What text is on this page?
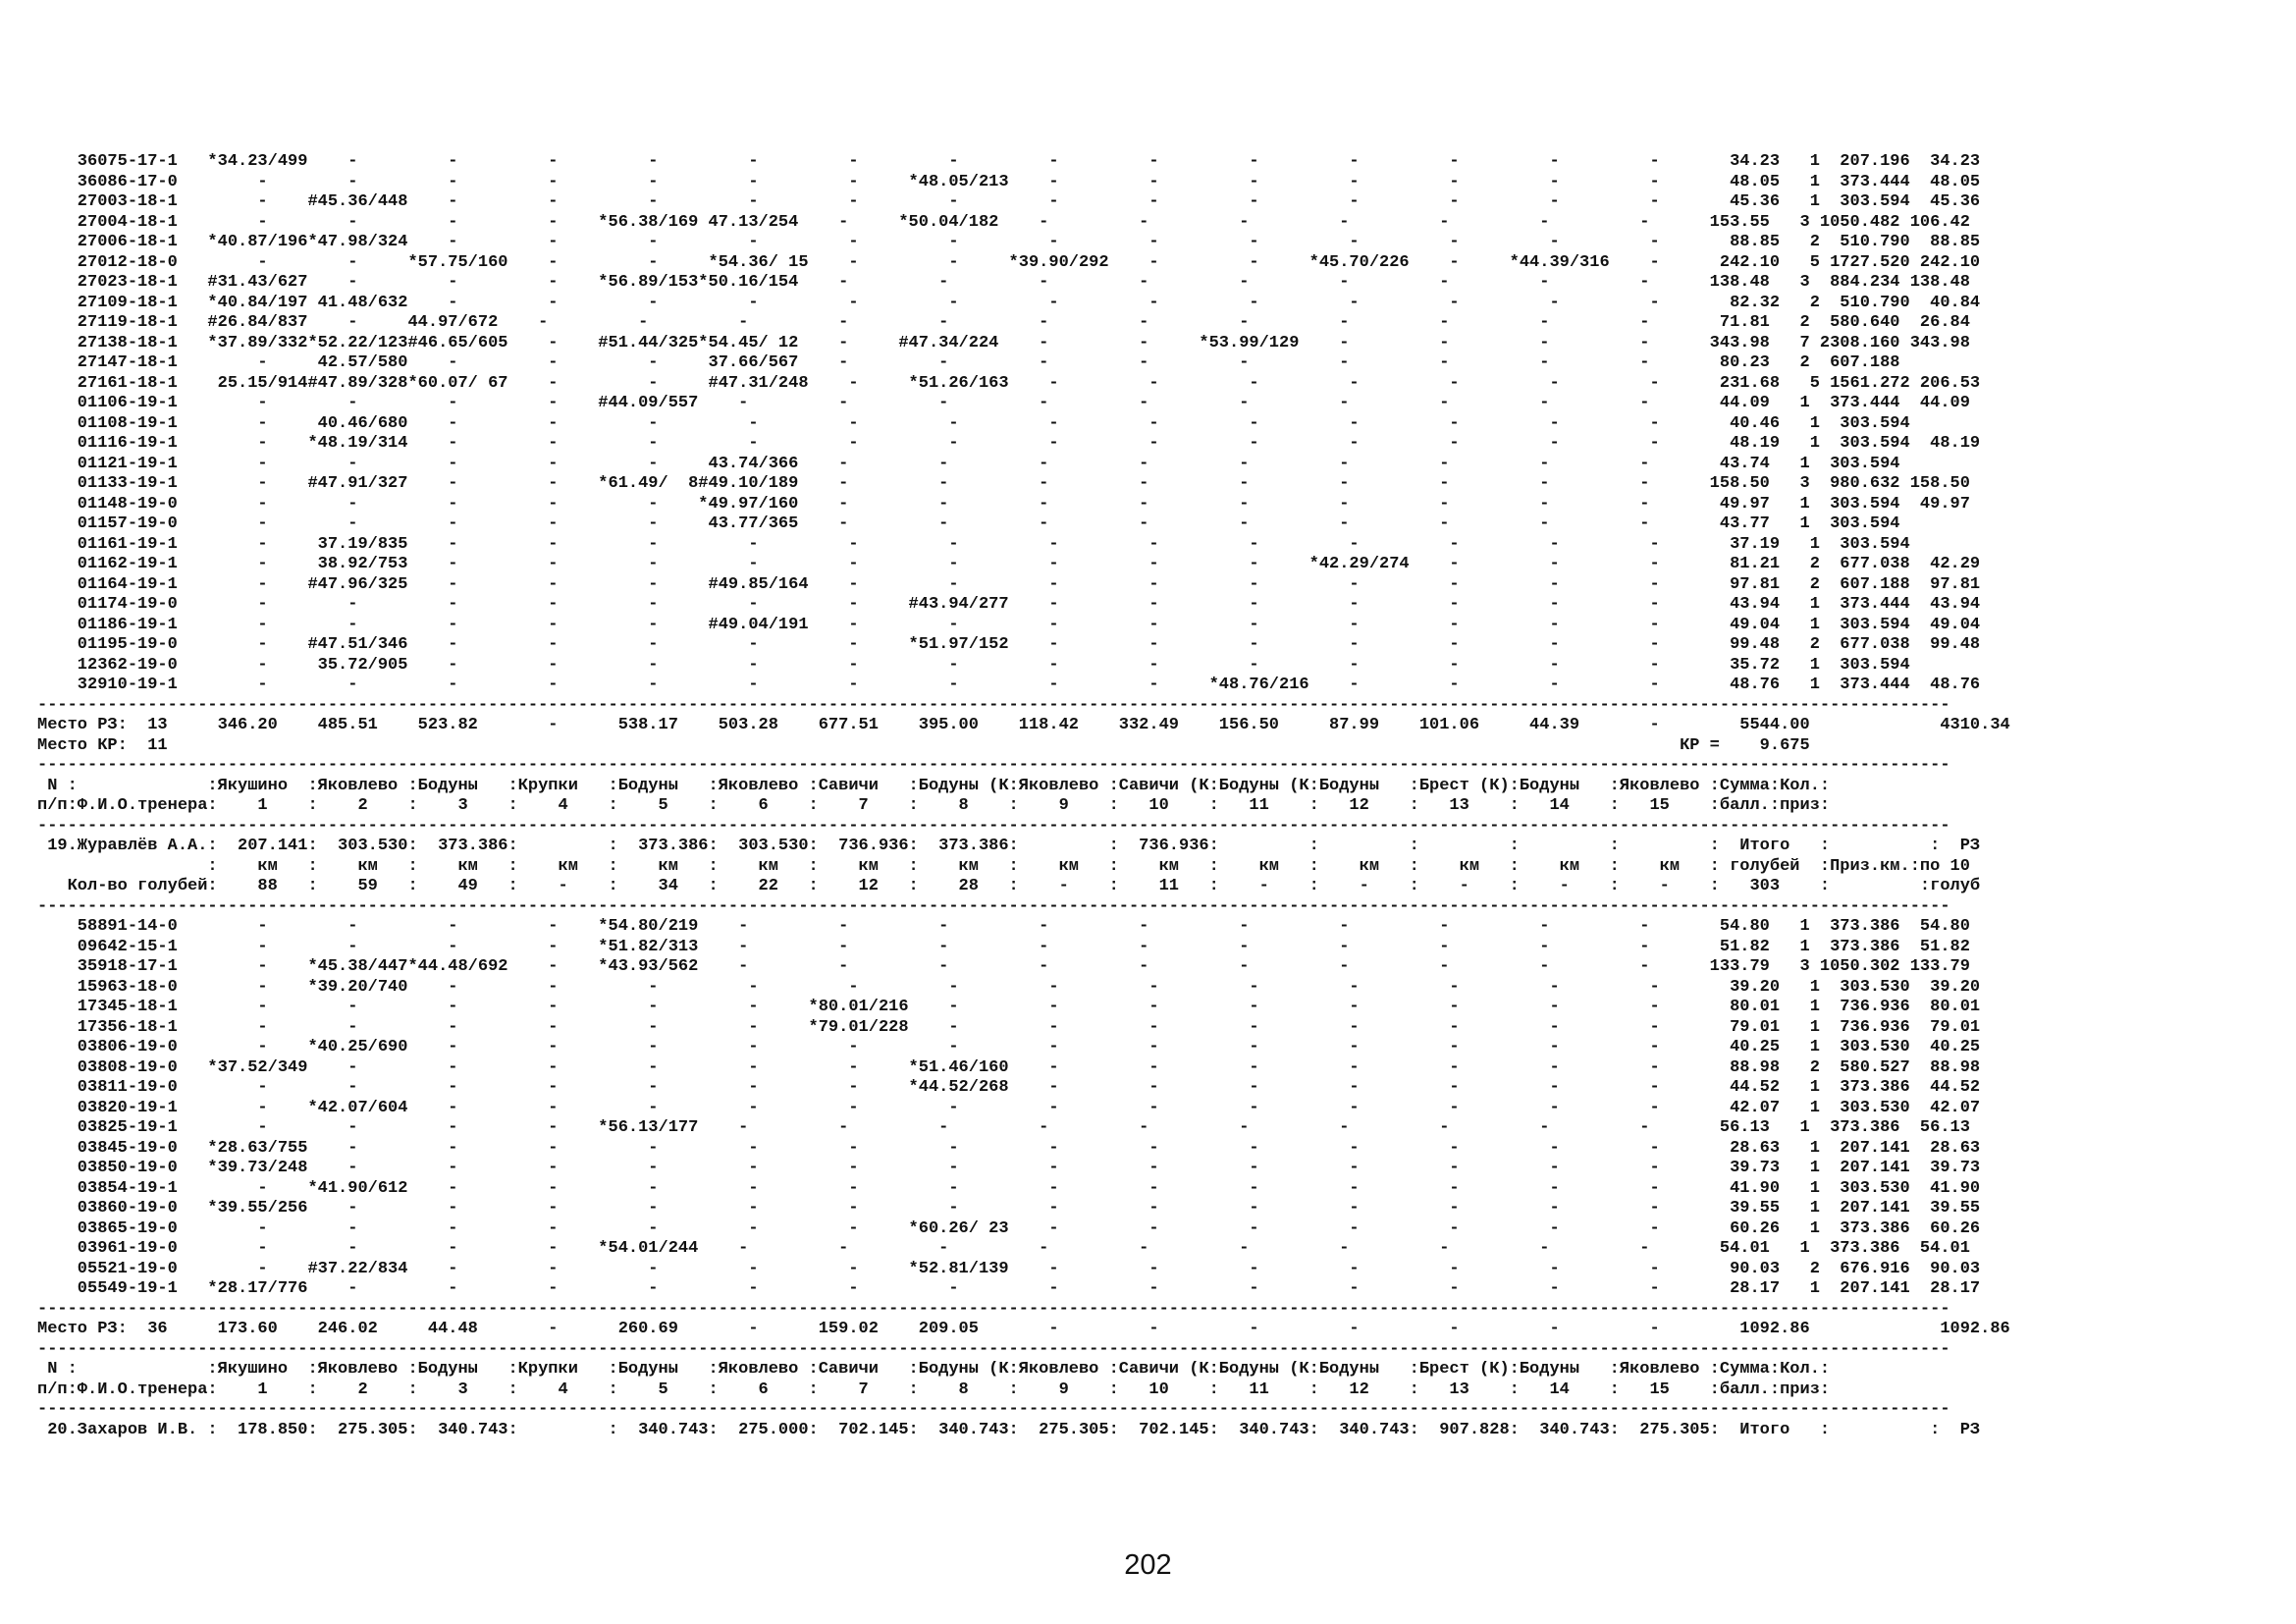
36075-17-1   *34.23/499    -         -         -         -         -         -         -         -         -         -         -         -         -         -       34.23   1  207.196  34.23
36086-17-0        -        -         -         -         -         -         -     *48.05/213    -         -         -         -         -         -         -       48.05   1  373.444  48.05
27003-18-1        -    #45.36/448    -         -         -         -         -         -         -         -         -         -         -         -         -       45.36   1  303.594  45.36
27004-18-1        -        -         -         -    *56.38/169 47.13/254    -     *50.04/182    -         -         -         -         -         -         -      153.55   3 1050.482 106.42
27006-18-1   *40.87/196*47.98/324    -         -         -         -         -         -         -         -         -         -         -         -         -       88.85   2  510.790  88.85
27012-18-0        -        -     *57.75/160    -         -     *54.36/ 15    -         -     *39.90/292    -         -     *45.70/226    -     *44.39/316    -      242.10   5 1727.520 242.10
27023-18-1   #31.43/627    -         -         -    *56.89/153*50.16/154    -         -         -         -         -         -         -         -         -      138.48   3  884.234 138.48
27109-18-1   *40.84/197 41.48/632    -         -         -         -         -         -         -         -         -         -         -         -         -       82.32   2  510.790  40.84
27119-18-1   #26.84/837    -     44.97/672    -         -         -         -         -         -         -         -         -         -         -         -       71.81   2  580.640  26.84
27138-18-1   *37.89/332*52.22/123#46.65/605    -    #51.44/325*54.45/ 12    -     #47.34/224    -         -     *53.99/129    -         -         -         -      343.98   7 2308.160 343.98
27147-18-1        -     42.57/580    -         -         -     37.66/567    -         -         -         -         -         -         -         -         -       80.23   2  607.188
27161-18-1    25.15/914#47.89/328*60.07/ 67    -         -     #47.31/248    -     *51.26/163    -         -         -         -         -         -         -      231.68   5 1561.272 206.53
01106-19-1        -        -         -         -    #44.09/557    -         -         -         -         -         -         -         -         -         -       44.09   1  373.444  44.09
01108-19-1        -     40.46/680    -         -         -         -         -         -         -         -         -         -         -         -         -       40.46   1  303.594
01116-19-1        -    *48.19/314    -         -         -         -         -         -         -         -         -         -         -         -         -       48.19   1  303.594  48.19
01121-19-1        -        -         -         -         -     43.74/366    -         -         -         -         -         -         -         -         -       43.74   1  303.594
01133-19-1        -    #47.91/327    -         -    *61.49/  8#49.10/189    -         -         -         -         -         -         -         -         -      158.50   3  980.632 158.50
01148-19-0        -        -         -         -         -    *49.97/160    -         -         -         -         -         -         -         -         -       49.97   1  303.594  49.97
01157-19-0        -        -         -         -         -     43.77/365    -         -         -         -         -         -         -         -         -       43.77   1  303.594
01161-19-1        -     37.19/835    -         -         -         -         -         -         -         -         -         -         -         -         -       37.19   1  303.594
01162-19-1        -     38.92/753    -         -         -         -         -         -         -         -         -     *42.29/274    -         -         -       81.21   2  677.038  42.29
01164-19-1        -    #47.96/325    -         -         -     #49.85/164    -         -         -         -         -         -         -         -         -       97.81   2  607.188  97.81
01174-19-0        -        -         -         -         -         -         -     #43.94/277    -         -         -         -         -         -         -       43.94   1  373.444  43.94
01186-19-1        -        -         -         -         -     #49.04/191    -         -         -         -         -         -         -         -         -       49.04   1  303.594  49.04
01195-19-0        -    #47.51/346    -         -         -         -         -     *51.97/152    -         -         -         -         -         -         -       99.48   2  677.038  99.48
12362-19-0        -     35.72/905    -         -         -         -         -         -         -         -         -         -         -         -         -       35.72   1  303.594
32910-19-1        -        -         -         -         -         -         -         -         -         -     *48.76/216    -         -         -         -       48.76   1  373.444  48.76
-----------------------------------------------------------------------------------------------------------------------------------------------------------------------------------------------
Место РЗ:  13     346.20    485.51    523.82       -      538.17    503.28    677.51    395.00    118.42    332.49    156.50     87.99    101.06     44.39       -        5544.00             4310.34
Место КР:  11                                                                                                                                                       КР =    9.675
-----------------------------------------------------------------------------------------------------------------------------------------------------------------------------------------------
N :             :Якушино  :Яковлево :Бодуны   :Крупки   :Бодуны   :Яковлево :Савичи   :Бодуны (К:Яковлево :Савичи (К:Бодуны (К:Бодуны   :Брест (К):Бодуны   :Яковлево :Сумма:Кол.:
п/п:Ф.И.О.тренера:    1    :    2    :    3    :    4    :    5    :    6    :    7    :    8    :    9    :   10    :   11    :   12    :   13    :   14    :   15    :балл.:приз:
-----------------------------------------------------------------------------------------------------------------------------------------------------------------------------------------------
19.Журавлёв А.А.:  207.141:  303.530:  373.386:         :  373.386:  303.530:  736.936:  373.386:         :  736.936:         :         :         :         :         :  Итого   :          :  РЗ
:    км   :    км   :    км   :    км   :    км   :    км   :    км   :    км   :    км   :    км   :    км   :    км   :    км   :    км   :    км   : голубей  :Приз.км.:по 10
Кол-во голубей:    88   :    59   :    49   :    -    :    34   :    22   :    12   :    28   :    -    :    11   :    -    :    -    :    -    :    -    :    -    :   303    :         :голуб
-----------------------------------------------------------------------------------------------------------------------------------------------------------------------------------------------
58891-14-0        -        -         -         -    *54.80/219    -         -         -         -         -         -         -         -         -         -       54.80   1  373.386  54.80
09642-15-1        -        -         -         -    *51.82/313    -         -         -         -         -         -         -         -         -         -       51.82   1  373.386  51.82
35918-17-1        -    *45.38/447*44.48/692    -    *43.93/562    -         -         -         -         -         -         -         -         -         -      133.79   3 1050.302 133.79
15963-18-0        -    *39.20/740    -         -         -         -         -         -         -         -         -         -         -         -         -       39.20   1  303.530  39.20
17345-18-1        -        -         -         -         -         -     *80.01/216    -         -         -         -         -         -         -         -       80.01   1  736.936  80.01
17356-18-1        -        -         -         -         -         -     *79.01/228    -         -         -         -         -         -         -         -       79.01   1  736.936  79.01
03806-19-0        -    *40.25/690    -         -         -         -         -         -         -         -         -         -         -         -         -       40.25   1  303.530  40.25
03808-19-0   *37.52/349    -         -         -         -         -         -     *51.46/160    -         -         -         -         -         -         -       88.98   2  580.527  88.98
03811-19-0        -        -         -         -         -         -         -     *44.52/268    -         -         -         -         -         -         -       44.52   1  373.386  44.52
03820-19-1        -    *42.07/604    -         -         -         -         -         -         -         -         -         -         -         -         -       42.07   1  303.530  42.07
03825-19-1        -        -         -         -    *56.13/177    -         -         -         -         -         -         -         -         -         -       56.13   1  373.386  56.13
03845-19-0   *28.63/755    -         -         -         -         -         -         -         -         -         -         -         -         -         -       28.63   1  207.141  28.63
03850-19-0   *39.73/248    -         -         -         -         -         -         -         -         -         -         -         -         -         -       39.73   1  207.141  39.73
03854-19-1        -    *41.90/612    -         -         -         -         -         -         -         -         -         -         -         -         -       41.90   1  303.530  41.90
03860-19-0   *39.55/256    -         -         -         -         -         -         -         -         -         -         -         -         -         -       39.55   1  207.141  39.55
03865-19-0        -        -         -         -         -         -         -     *60.26/ 23    -         -         -         -         -         -         -       60.26   1  373.386  60.26
03961-19-0        -        -         -         -    *54.01/244    -         -         -         -         -         -         -         -         -         -       54.01   1  373.386  54.01
05521-19-0        -    #37.22/834    -         -         -         -         -     *52.81/139    -         -         -         -         -         -         -       90.03   2  676.916  90.03
05549-19-1   *28.17/776    -         -         -         -         -         -         -         -         -         -         -         -         -         -       28.17   1  207.141  28.17
-----------------------------------------------------------------------------------------------------------------------------------------------------------------------------------------------
Место РЗ:  36     173.60    246.02     44.48       -      260.69       -      159.02    209.05       -         -         -         -         -         -         -        1092.86             1092.86
-----------------------------------------------------------------------------------------------------------------------------------------------------------------------------------------------
N :             :Якушино  :Яковлево :Бодуны   :Крупки   :Бодуны   :Яковлево :Савичи   :Бодуны (К:Яковлево :Савичи (К:Бодуны (К:Бодуны   :Брест (К):Бодуны   :Яковлево :Сумма:Кол.:
п/п:Ф.И.О.тренера:    1    :    2    :    3    :    4    :    5    :    6    :    7    :    8    :    9    :   10    :   11    :   12    :   13    :   14    :   15    :балл.:приз:
-----------------------------------------------------------------------------------------------------------------------------------------------------------------------------------------------
20.Захаров И.В. :  178.850:  275.305:  340.743:         :  340.743:  275.000:  702.145:  340.743:  275.305:  702.145:  340.743:  340.743:  907.828:  340.743:  275.305:  Итого   :          :  РЗ
202
